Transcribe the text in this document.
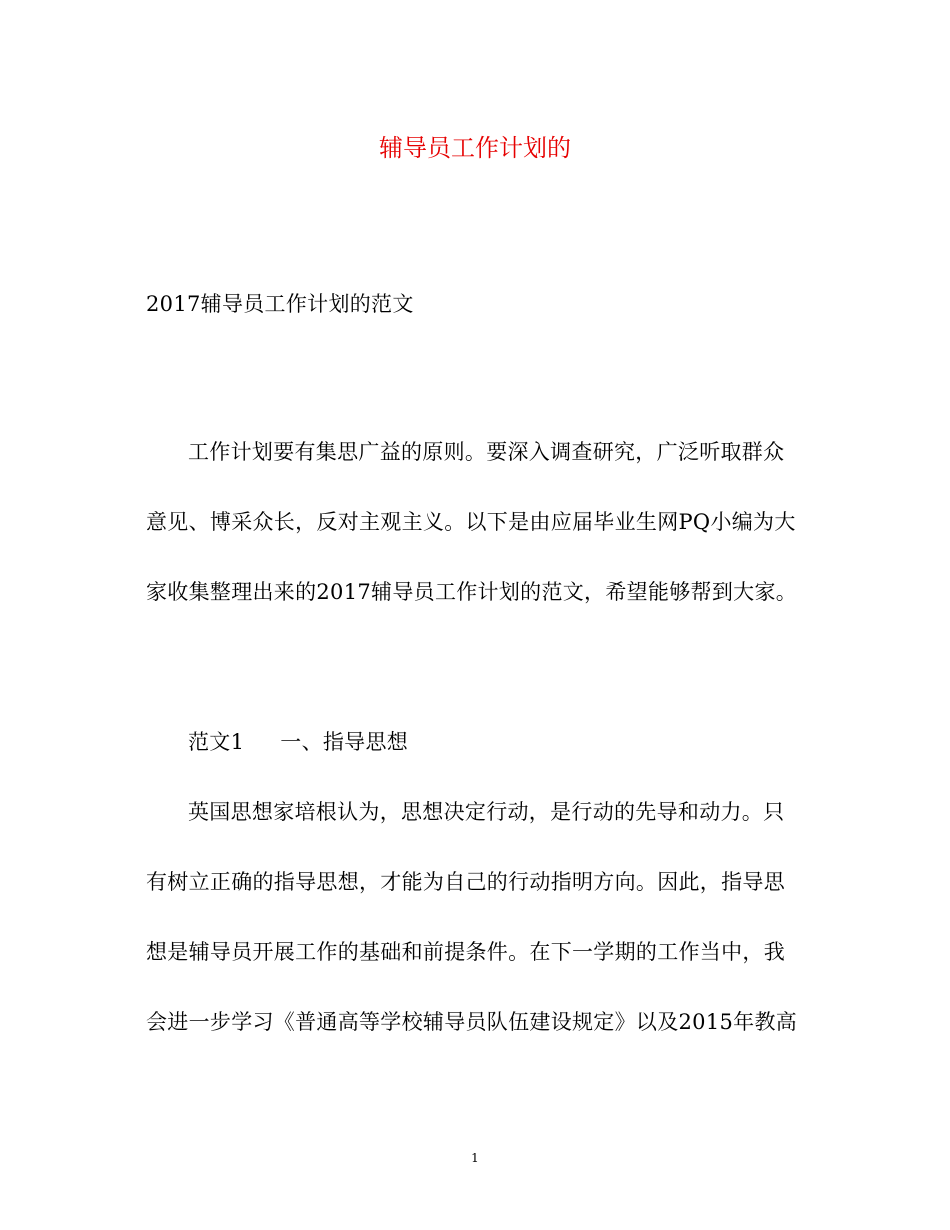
辅导员工作计划的
2017辅导员工作计划的范文
工作计划要有集思广益的原则。要深入调查研究，广泛听取群众
意见、博采众长，反对主观主义。以下是由应届毕业生网PQ小编为大
家收集整理出来的2017辅导员工作计划的范文，希望能够帮到大家。
范文1 一、指导思想
英国思想家培根认为，思想决定行动，是行动的先导和动力。只
有树立正确的指导思想，才能为自己的行动指明方向。因此，指导思
想是辅导员开展工作的基础和前提条件。在下一学期的工作当中，我
会进一步学习《普通高等学校辅导员队伍建设规定》以及2015年教高
1
